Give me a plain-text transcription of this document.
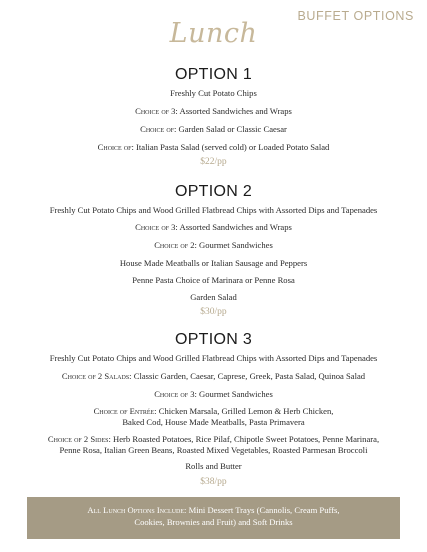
BUFFET OPTIONS
Lunch
OPTION 1
Freshly Cut Potato Chips
Choice of 3: Assorted Sandwiches and Wraps
Choice of: Garden Salad or Classic Caesar
Choice of: Italian Pasta Salad (served cold) or Loaded Potato Salad
$22/pp
OPTION 2
Freshly Cut Potato Chips and Wood Grilled Flatbread Chips with Assorted Dips and Tapenades
Choice of 3: Assorted Sandwiches and Wraps
Choice of 2: Gourmet Sandwiches
House Made Meatballs or Italian Sausage and Peppers
Penne Pasta Choice of Marinara or Penne Rosa
Garden Salad
$30/pp
OPTION 3
Freshly Cut Potato Chips and Wood Grilled Flatbread Chips with Assorted Dips and Tapenades
Choice of 2 Salads: Classic Garden, Caesar, Caprese, Greek, Pasta Salad, Quinoa Salad
Choice of 3: Gourmet Sandwiches
Choice of Entrée: Chicken Marsala, Grilled Lemon & Herb Chicken,
Baked Cod, House Made Meatballs, Pasta Primavera
Choice of 2 Sides: Herb Roasted Potatoes, Rice Pilaf, Chipotle Sweet Potatoes, Penne Marinara,
Penne Rosa, Italian Green Beans, Roasted Mixed Vegetables, Roasted Parmesan Broccoli
Rolls and Butter
$38/pp
All Lunch Options Include: Mini Dessert Trays (Cannolis, Cream Puffs,
Cookies, Brownies and Fruit) and Soft Drinks
